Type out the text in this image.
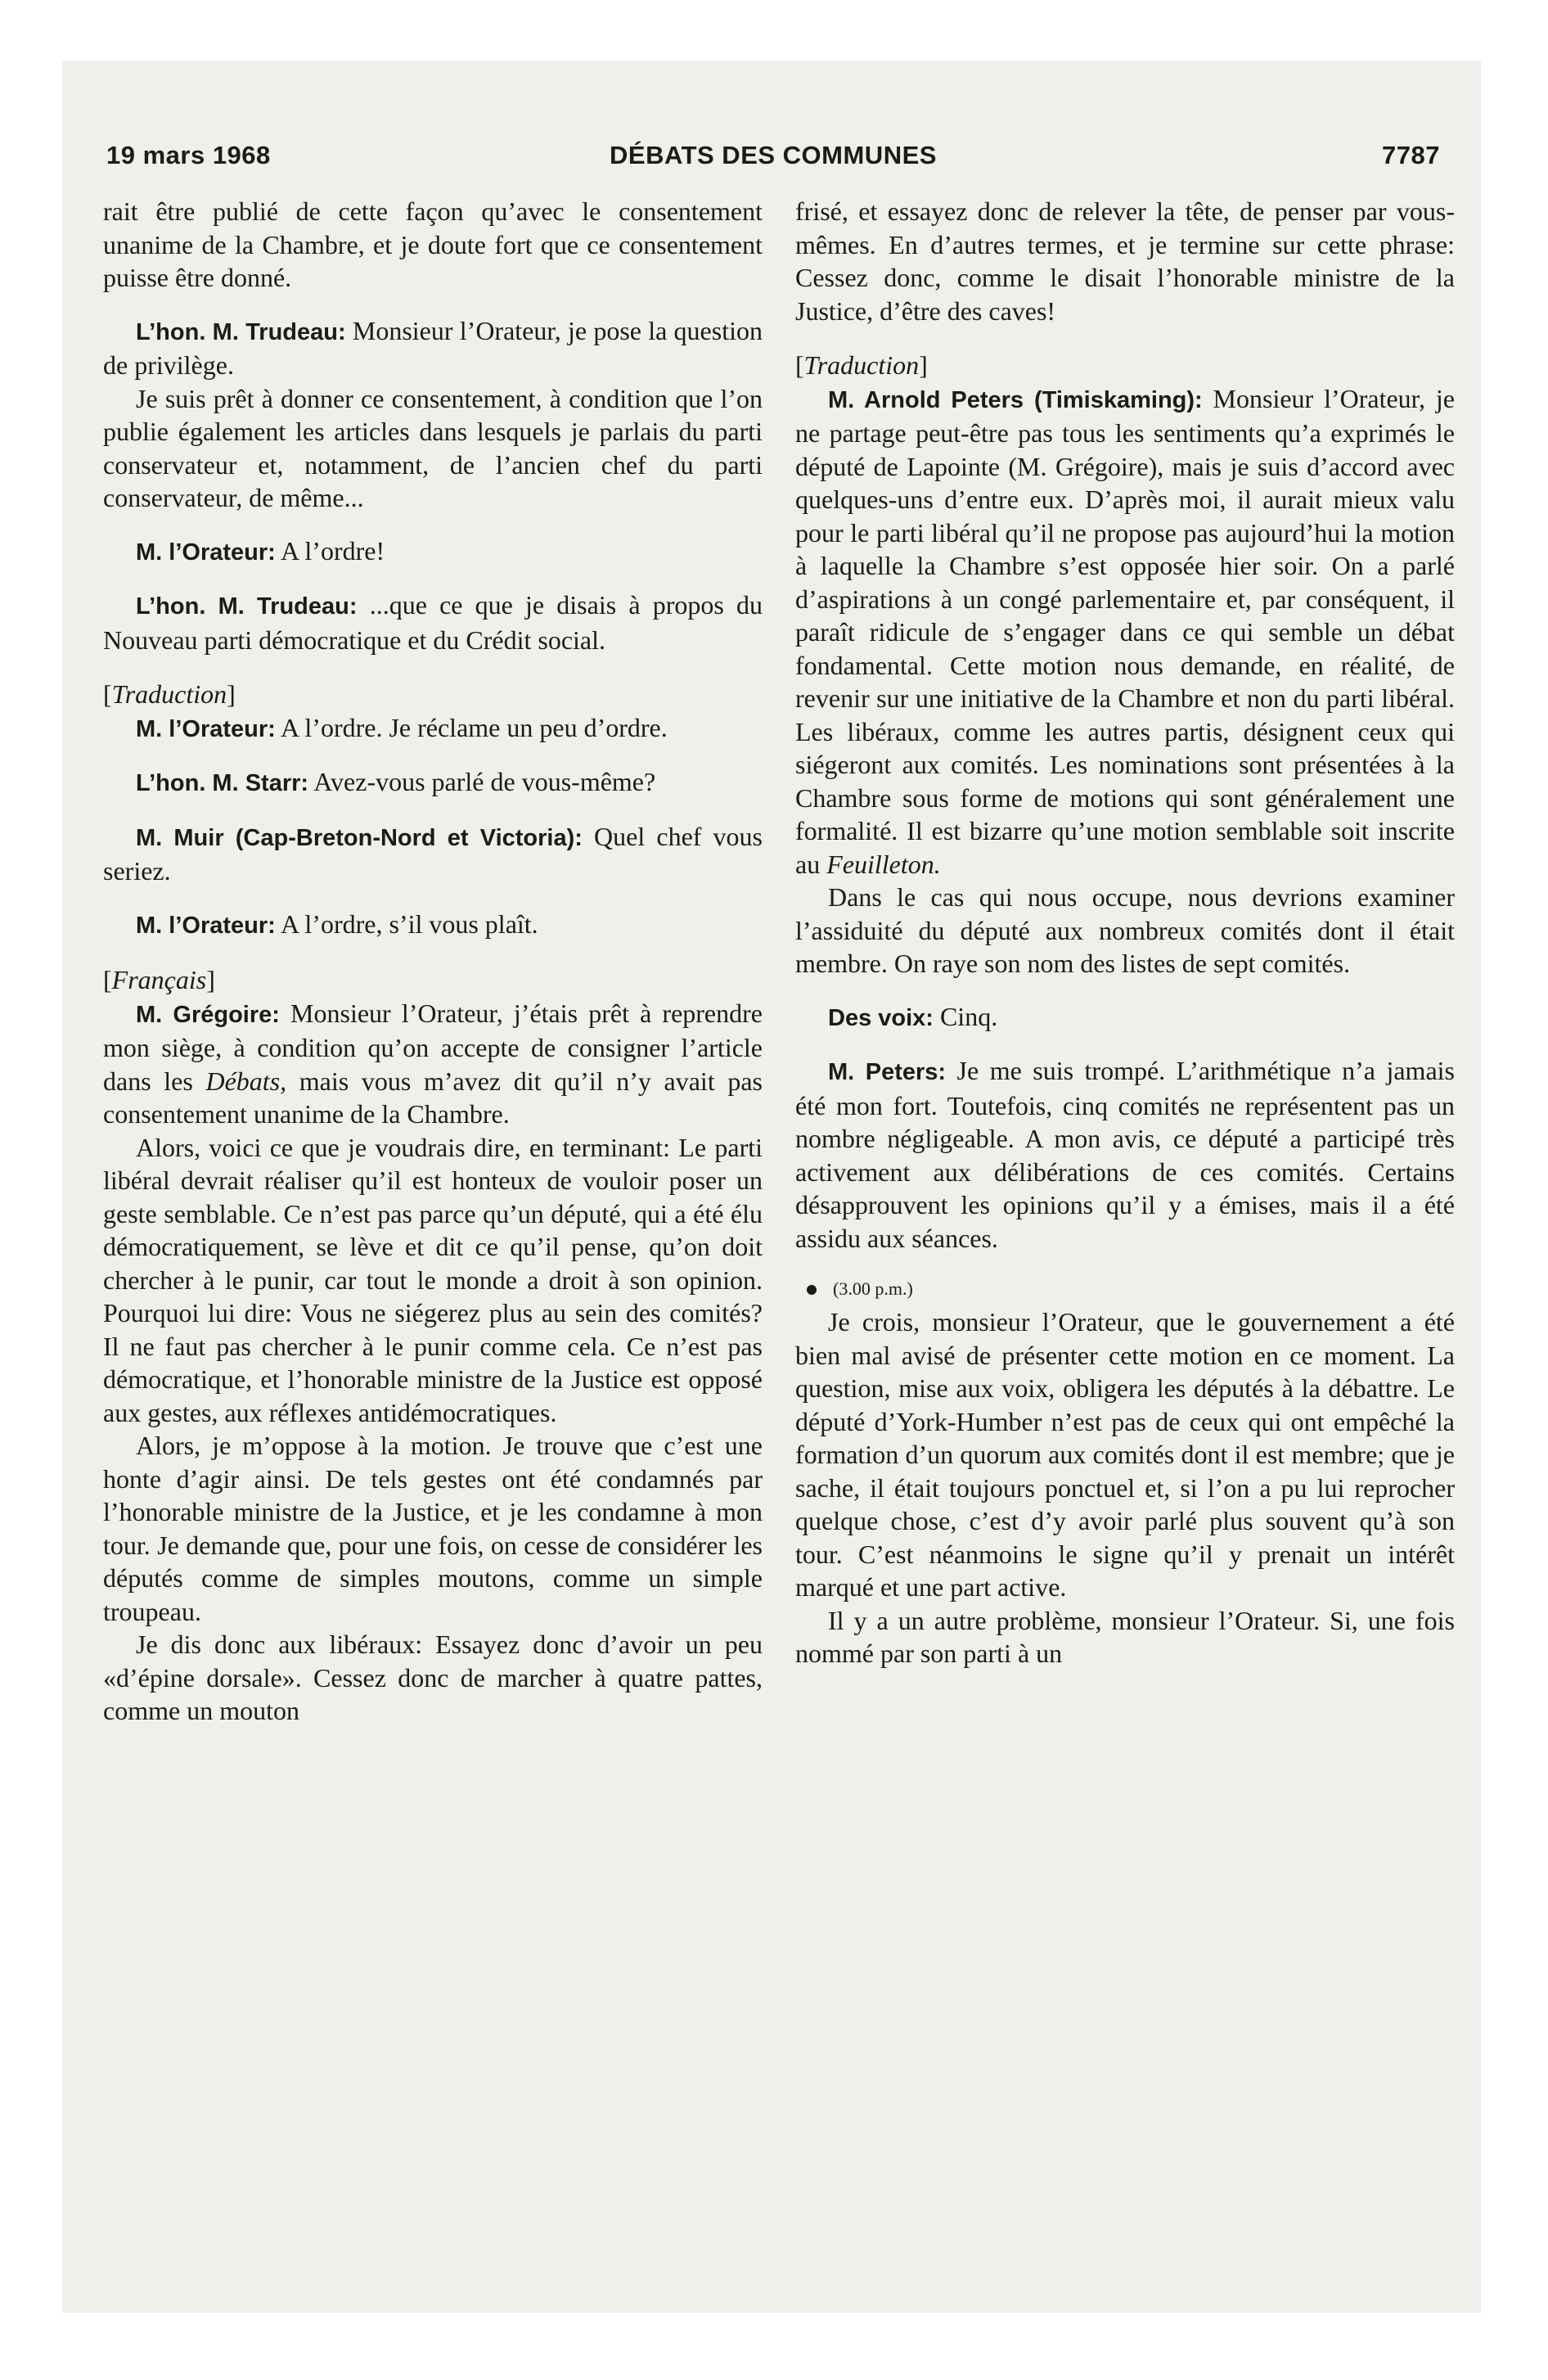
19 mars 1968	DÉBATS DES COMMUNES	7787

rait être publié de cette façon qu’avec le consentement unanime de la Chambre, et je doute fort que ce consentement puisse être donné.

L’hon. M. Trudeau: Monsieur l’Orateur, je pose la question de privilège.

Je suis prêt à donner ce consentement, à condition que l’on publie également les articles dans lesquels je parlais du parti conservateur et, notamment, de l’ancien chef du parti conservateur, de même...

M. l’Orateur: A l’ordre!

L’hon. M. Trudeau: ...que ce que je disais à propos du Nouveau parti démocratique et du Crédit social.

[Traduction]

M. l’Orateur: A l’ordre. Je réclame un peu d’ordre.

L’hon. M. Starr: Avez-vous parlé de vous-même?

M. Muir (Cap-Breton-Nord et Victoria): Quel chef vous seriez.

M. l’Orateur: A l’ordre, s’il vous plaît.

[Français]

M. Grégoire: Monsieur l’Orateur, j’étais prêt à reprendre mon siège, à condition qu’on accepte de consigner l’article dans les Débats, mais vous m’avez dit qu’il n’y avait pas consentement unanime de la Chambre.

Alors, voici ce que je voudrais dire, en terminant: Le parti libéral devrait réaliser qu’il est honteux de vouloir poser un geste semblable. Ce n’est pas parce qu’un député, qui a été élu démocratiquement, se lève et dit ce qu’il pense, qu’on doit chercher à le punir, car tout le monde a droit à son opinion. Pourquoi lui dire: Vous ne siégerez plus au sein des comités? Il ne faut pas chercher à le punir comme cela. Ce n’est pas démocratique, et l’honorable ministre de la Justice est opposé aux gestes, aux réflexes antidémocratiques.

Alors, je m’oppose à la motion. Je trouve que c’est une honte d’agir ainsi. De tels gestes ont été condamnés par l’honorable ministre de la Justice, et je les condamne à mon tour. Je demande que, pour une fois, on cesse de considérer les députés comme de simples moutons, comme un simple troupeau.

Je dis donc aux libéraux: Essayez donc d’avoir un peu «d’épine dorsale». Cessez donc de marcher à quatre pattes, comme un mouton

frisé, et essayez donc de relever la tête, de penser par vous-mêmes. En d’autres termes, et je termine sur cette phrase: Cessez donc, comme le disait l’honorable ministre de la Justice, d’être des caves!

[Traduction]

M. Arnold Peters (Timiskaming): Monsieur l’Orateur, je ne partage peut-être pas tous les sentiments qu’a exprimés le député de Lapointe (M. Grégoire), mais je suis d’accord avec quelques-uns d’entre eux. D’après moi, il aurait mieux valu pour le parti libéral qu’il ne propose pas aujourd’hui la motion à laquelle la Chambre s’est opposée hier soir. On a parlé d’aspirations à un congé parlementaire et, par conséquent, il paraît ridicule de s’engager dans ce qui semble un débat fondamental. Cette motion nous demande, en réalité, de revenir sur une initiative de la Chambre et non du parti libéral. Les libéraux, comme les autres partis, désignent ceux qui siégeront aux comités. Les nominations sont présentées à la Chambre sous forme de motions qui sont généralement une formalité. Il est bizarre qu’une motion semblable soit inscrite au Feuilleton.

Dans le cas qui nous occupe, nous devrions examiner l’assiduité du député aux nombreux comités dont il était membre. On raye son nom des listes de sept comités.

Des voix: Cinq.

M. Peters: Je me suis trompé. L’arithmétique n’a jamais été mon fort. Toutefois, cinq comités ne représentent pas un nombre négligeable. A mon avis, ce député a participé très activement aux délibérations de ces comités. Certains désapprouvent les opinions qu’il y a émises, mais il a été assidu aux séances.

(3.00 p.m.)

Je crois, monsieur l’Orateur, que le gouvernement a été bien mal avisé de présenter cette motion en ce moment. La question, mise aux voix, obligera les députés à la débattre. Le député d’York-Humber n’est pas de ceux qui ont empêché la formation d’un quorum aux comités dont il est membre; que je sache, il était toujours ponctuel et, si l’on a pu lui reprocher quelque chose, c’est d’y avoir parlé plus souvent qu’à son tour. C’est néanmoins le signe qu’il y prenait un intérêt marqué et une part active.

Il y a un autre problème, monsieur l’Orateur. Si, une fois nommé par son parti à un
